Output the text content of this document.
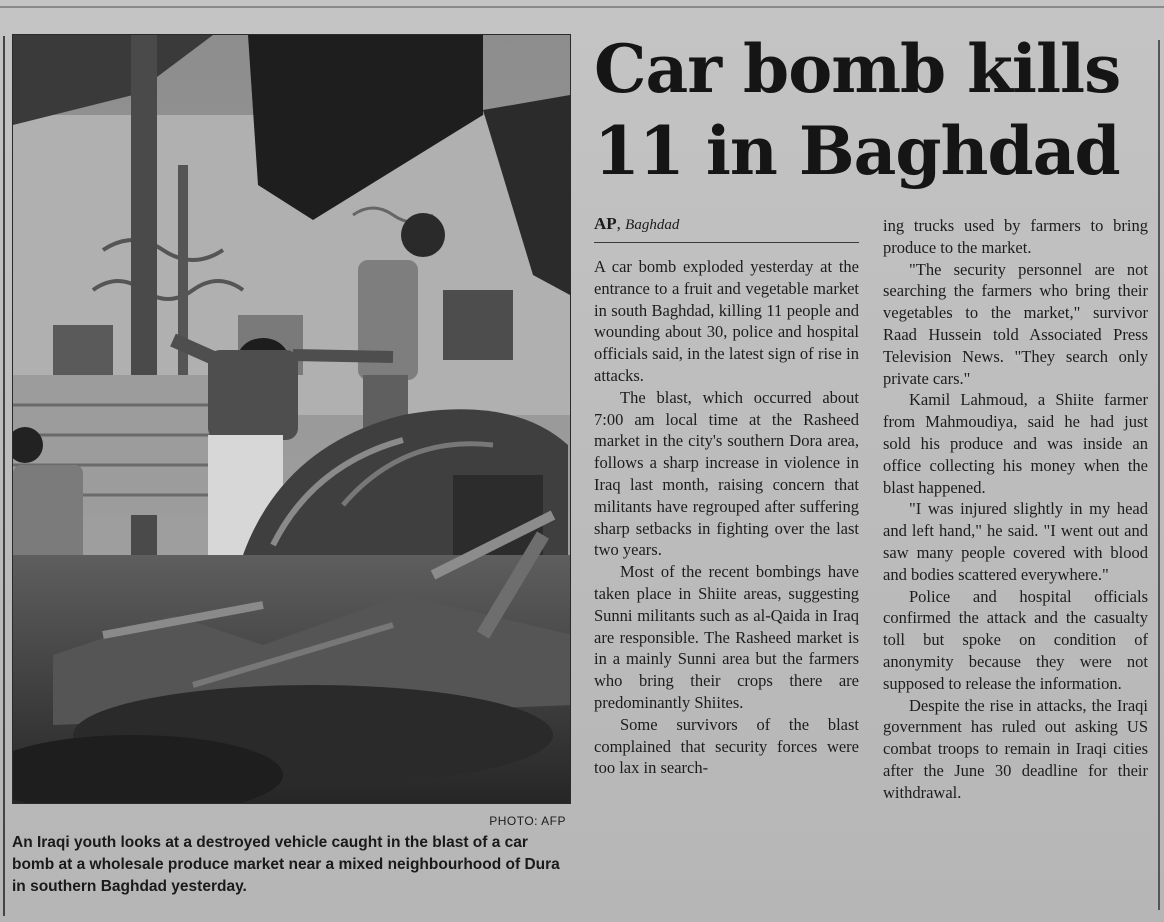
PHOTO: AFP
An Iraqi youth looks at a destroyed vehicle caught in the blast of a car bomb at a wholesale produce market near a mixed neighbourhood of Dura in southern Baghdad yesterday.
Car bomb kills
11 in Baghdad
AP, Baghdad

A car bomb exploded yesterday at the entrance to a fruit and vegetable market in south Baghdad, killing 11 people and wounding about 30, police and hospital officials said, in the latest sign of rise in attacks.

The blast, which occurred about 7:00 am local time at the Rasheed market in the city's southern Dora area, follows a sharp increase in violence in Iraq last month, raising concern that militants have regrouped after suffering sharp setbacks in fighting over the last two years.

Most of the recent bombings have taken place in Shiite areas, suggesting Sunni militants such as al-Qaida in Iraq are responsible. The Rasheed market is in a mainly Sunni area but the farmers who bring their crops there are predominantly Shiites.

Some survivors of the blast complained that security forces were too lax in search-

ing trucks used by farmers to bring produce to the market.

"The security personnel are not searching the farmers who bring their vegetables to the market," survivor Raad Hussein told Associated Press Television News. "They search only private cars."

Kamil Lahmoud, a Shiite farmer from Mahmoudiya, said he had just sold his produce and was inside an office collecting his money when the blast happened.

"I was injured slightly in my head and left hand," he said. "I went out and saw many people covered with blood and bodies scattered everywhere."

Police and hospital officials confirmed the attack and the casualty toll but spoke on condition of anonymity because they were not supposed to release the information.

Despite the rise in attacks, the Iraqi government has ruled out asking US combat troops to remain in Iraqi cities after the June 30 deadline for their withdrawal.
